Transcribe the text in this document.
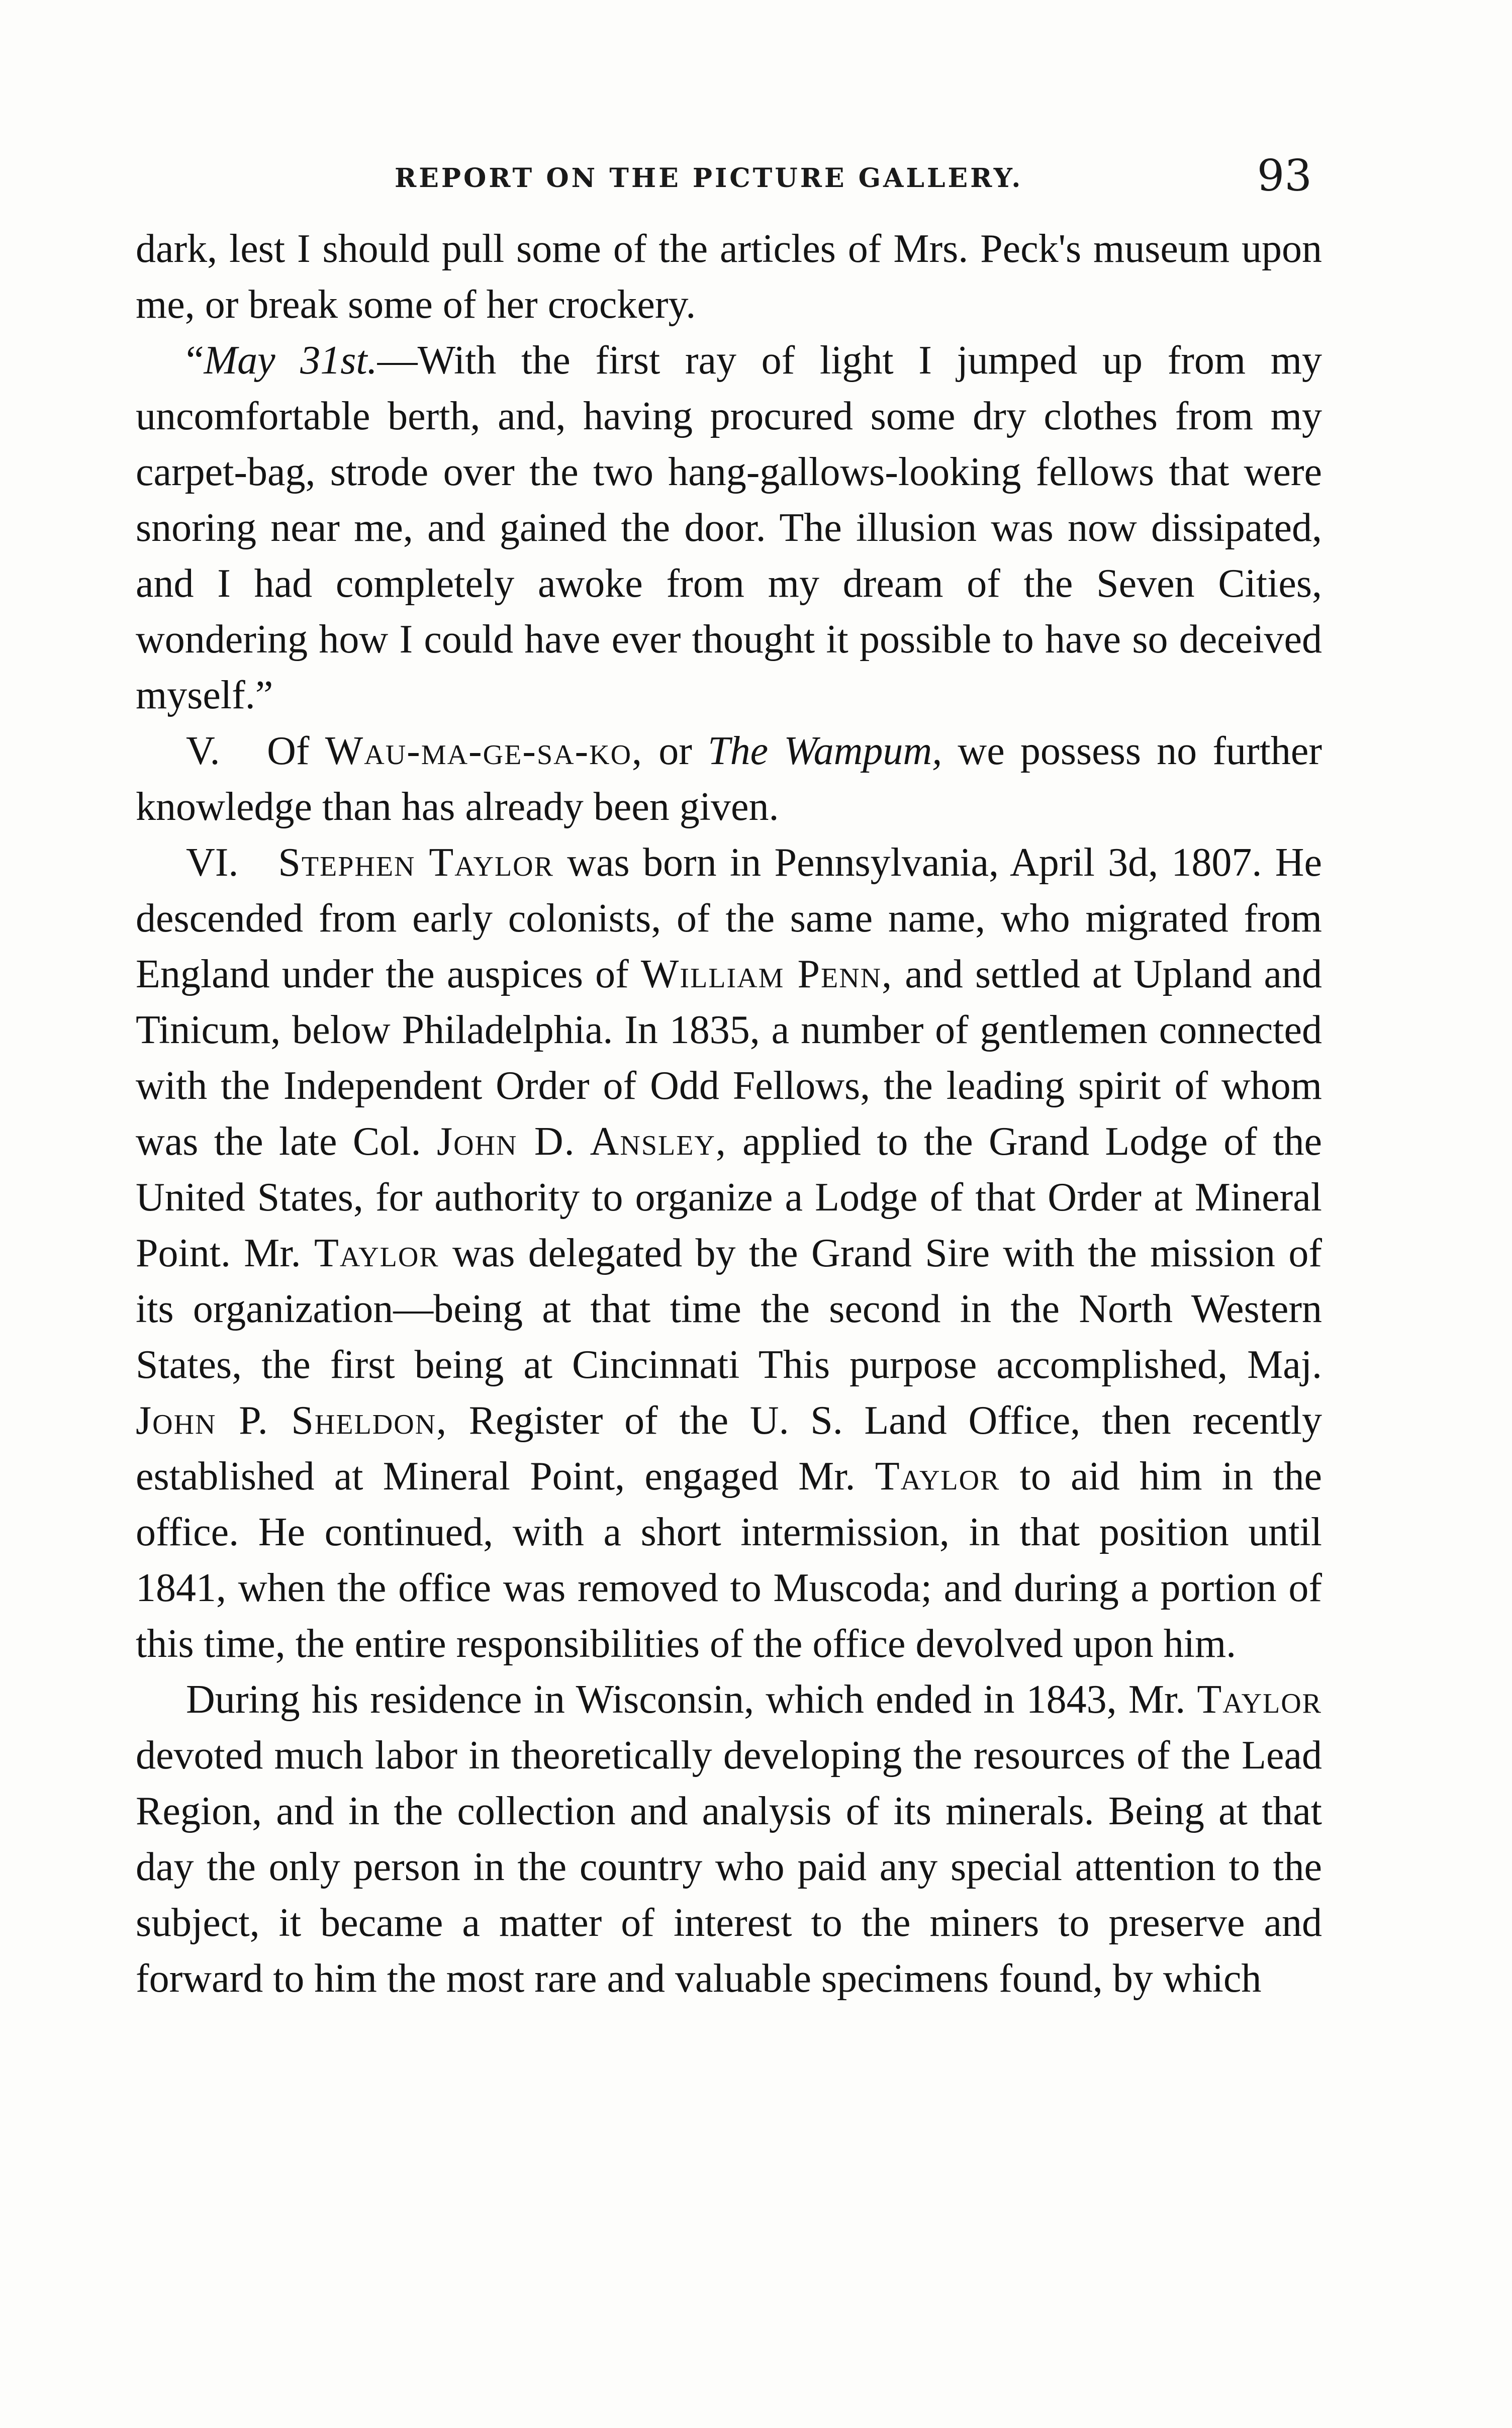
REPORT ON THE PICTURE GALLERY.	93

dark, lest I should pull some of the articles of Mrs. Peck's museum upon me, or break some of her crockery.

“May 31st.—With the first ray of light I jumped up from my uncomfortable berth, and, having procured some dry clothes from my carpet-bag, strode over the two hang-gallows-looking fellows that were snoring near me, and gained the door. The illusion was now dissipated, and I had completely awoke from my dream of the Seven Cities, wondering how I could have ever thought it possible to have so deceived myself.”

V. Of Wau-ma-ge-sa-ko, or The Wampum, we possess no further knowledge than has already been given.

VI. Stephen Taylor was born in Pennsylvania, April 3d, 1807. He descended from early colonists, of the same name, who migrated from England under the auspices of William Penn, and settled at Upland and Tinicum, below Philadelphia. In 1835, a number of gentlemen connected with the Independent Order of Odd Fellows, the leading spirit of whom was the late Col. John D. Ansley, applied to the Grand Lodge of the United States, for authority to organize a Lodge of that Order at Mineral Point. Mr. Taylor was delegated by the Grand Sire with the mission of its organization—being at that time the second in the North Western States, the first being at Cincinnati This purpose accomplished, Maj. John P. Sheldon, Register of the U. S. Land Office, then recently established at Mineral Point, engaged Mr. Taylor to aid him in the office. He continued, with a short intermission, in that position until 1841, when the office was removed to Muscoda; and during a portion of this time, the entire responsibilities of the office devolved upon him.

During his residence in Wisconsin, which ended in 1843, Mr. Taylor devoted much labor in theoretically developing the resources of the Lead Region, and in the collection and analysis of its minerals. Being at that day the only person in the country who paid any special attention to the subject, it became a matter of interest to the miners to preserve and forward to him the most rare and valuable specimens found, by which
